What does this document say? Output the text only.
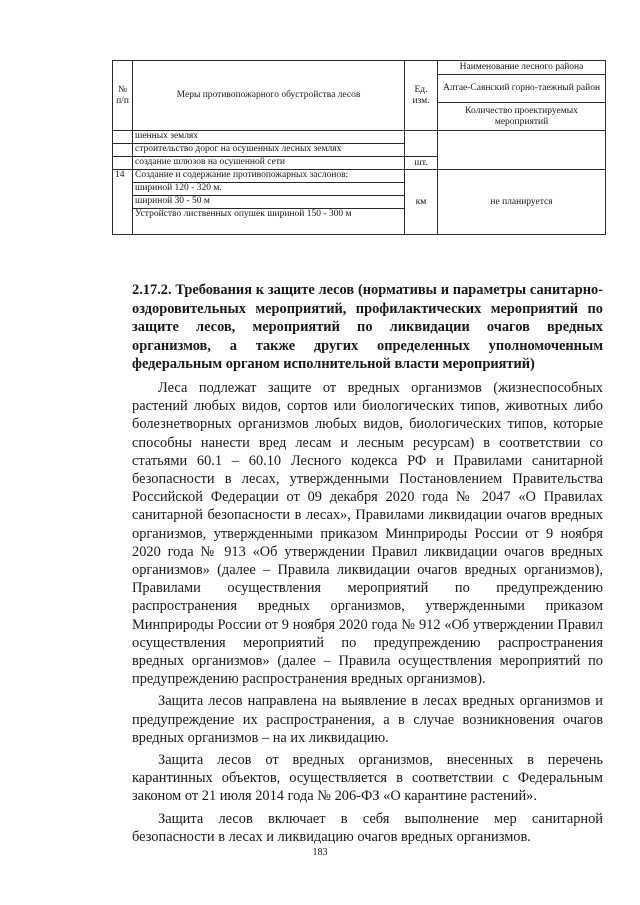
№ п/п	Меры противопожарного обустройства лесов	Ед. изм.	Наименование лесного района
			Алтае-Саянский горно-таежный район
			Количество проектируемых мероприятий
	шенных землях		
	строительство дорог на осушенных лесных землях		
	создание шлюзов на осушенной сети	шт.	
14	Создание и содержание противопожарных заслонов:	км	не планируется
	шириной 120 - 320 м.		
	шириной 30 - 50 м		
	Устройство лиственных опушек шириной 150 - 300 м		
2.17.2. Требования к защите лесов (нормативы и параметры санитарно-оздоровительных мероприятий, профилактических мероприятий по защите лесов, мероприятий по ликвидации очагов вредных организмов, а также других определенных уполномоченным федеральным органом исполнительной власти мероприятий)

Леса подлежат защите от вредных организмов (жизнеспособных растений любых видов, сортов или биологических типов, животных либо болезнетворных организмов любых видов, биологических типов, которые способны нанести вред лесам и лесным ресурсам) в соответствии со статьями 60.1 – 60.10 Лесного кодекса РФ и Правилами санитарной безопасности в лесах, утвержденными Постановлением Правительства Российской Федерации от 09 декабря 2020 года № 2047 «О Правилах санитарной безопасности в лесах», Правилами ликвидации очагов вредных организмов, утвержденными приказом Минприроды России от 9 ноября 2020 года № 913 «Об утверждении Правил ликвидации очагов вредных организмов» (далее – Правила ликвидации очагов вредных организмов), Правилами осуществления мероприятий по предупреждению распространения вредных организмов, утвержденными приказом Минприроды России от 9 ноября 2020 года № 912 «Об утверждении Правил осуществления мероприятий по предупреждению распространения вредных организмов» (далее – Правила осуществления мероприятий по предупреждению распространения вредных организмов).

Защита лесов направлена на выявление в лесах вредных организмов и предупреждение их распространения, а в случае возникновения очагов вредных организмов – на их ликвидацию.

Защита лесов от вредных организмов, внесенных в перечень карантинных объектов, осуществляется в соответствии с Федеральным законом от 21 июля 2014 года № 206-ФЗ «О карантине растений».

Защита лесов включает в себя выполнение мер санитарной безопасности в лесах и ликвидацию очагов вредных организмов.

183
